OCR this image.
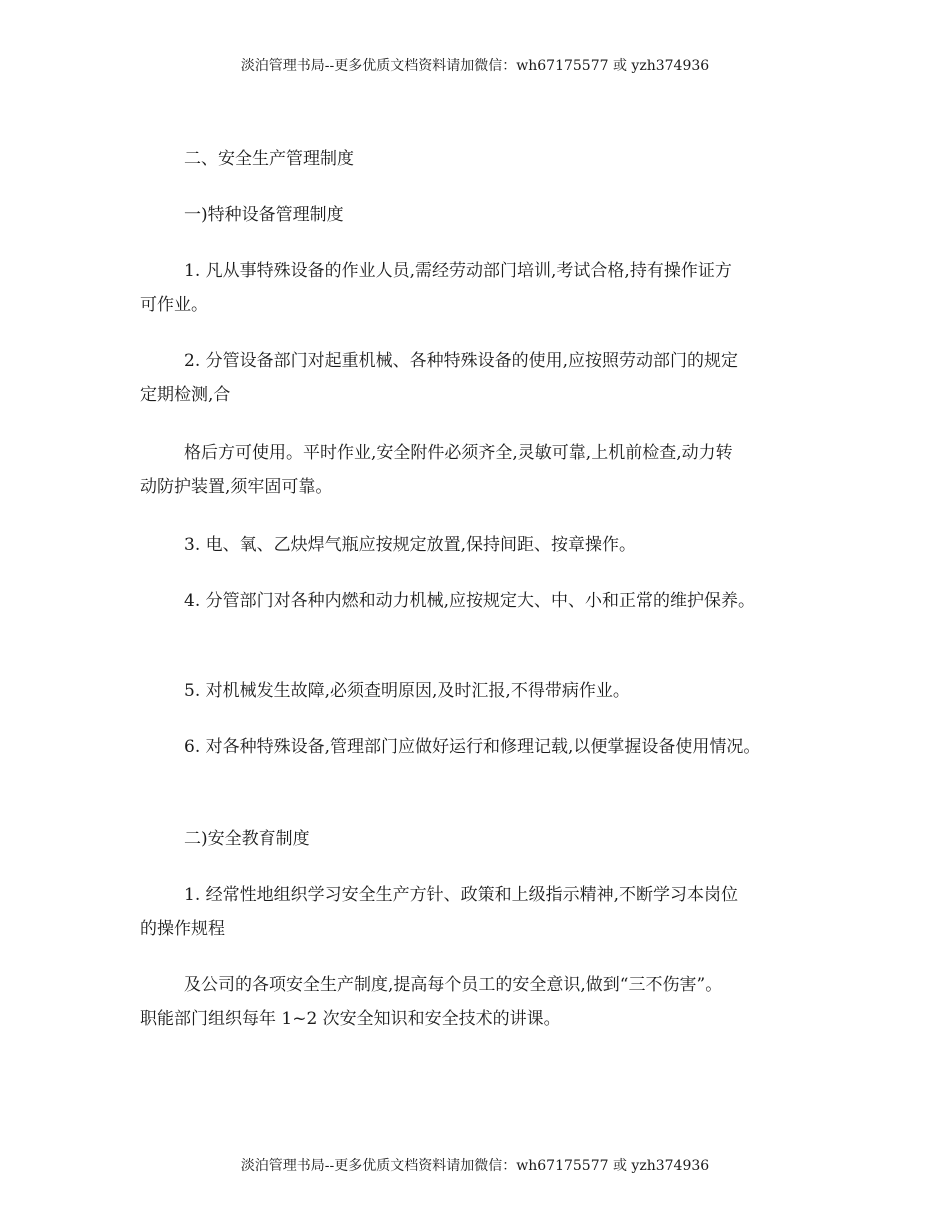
淡泊管理书局--更多优质文档资料请加微信：wh67175577 或 yzh374936

二、安全生产管理制度

一)特种设备管理制度

1. 凡从事特殊设备的作业人员,需经劳动部门培训,考试合格,持有操作证方
可作业。
2. 分管设备部门对起重机械、各种特殊设备的使用,应按照劳动部门的规定
定期检测,合
格后方可使用。平时作业,安全附件必须齐全,灵敏可靠,上机前检查,动力转
动防护装置,须牢固可靠。
3. 电、氧、乙炔焊气瓶应按规定放置,保持间距、按章操作。
4. 分管部门对各种内燃和动力机械,应按规定大、中、小和正常的维护保养。
5. 对机械发生故障,必须查明原因,及时汇报,不得带病作业。
6. 对各种特殊设备,管理部门应做好运行和修理记载,以便掌握设备使用情况。

二)安全教育制度

1. 经常性地组织学习安全生产方针、政策和上级指示精神,不断学习本岗位
的操作规程
及公司的各项安全生产制度,提高每个员工的安全意识,做到“三不伤害”。
职能部门组织每年 1~2 次安全知识和安全技术的讲课。
淡泊管理书局--更多优质文档资料请加微信：wh67175577 或 yzh374936
